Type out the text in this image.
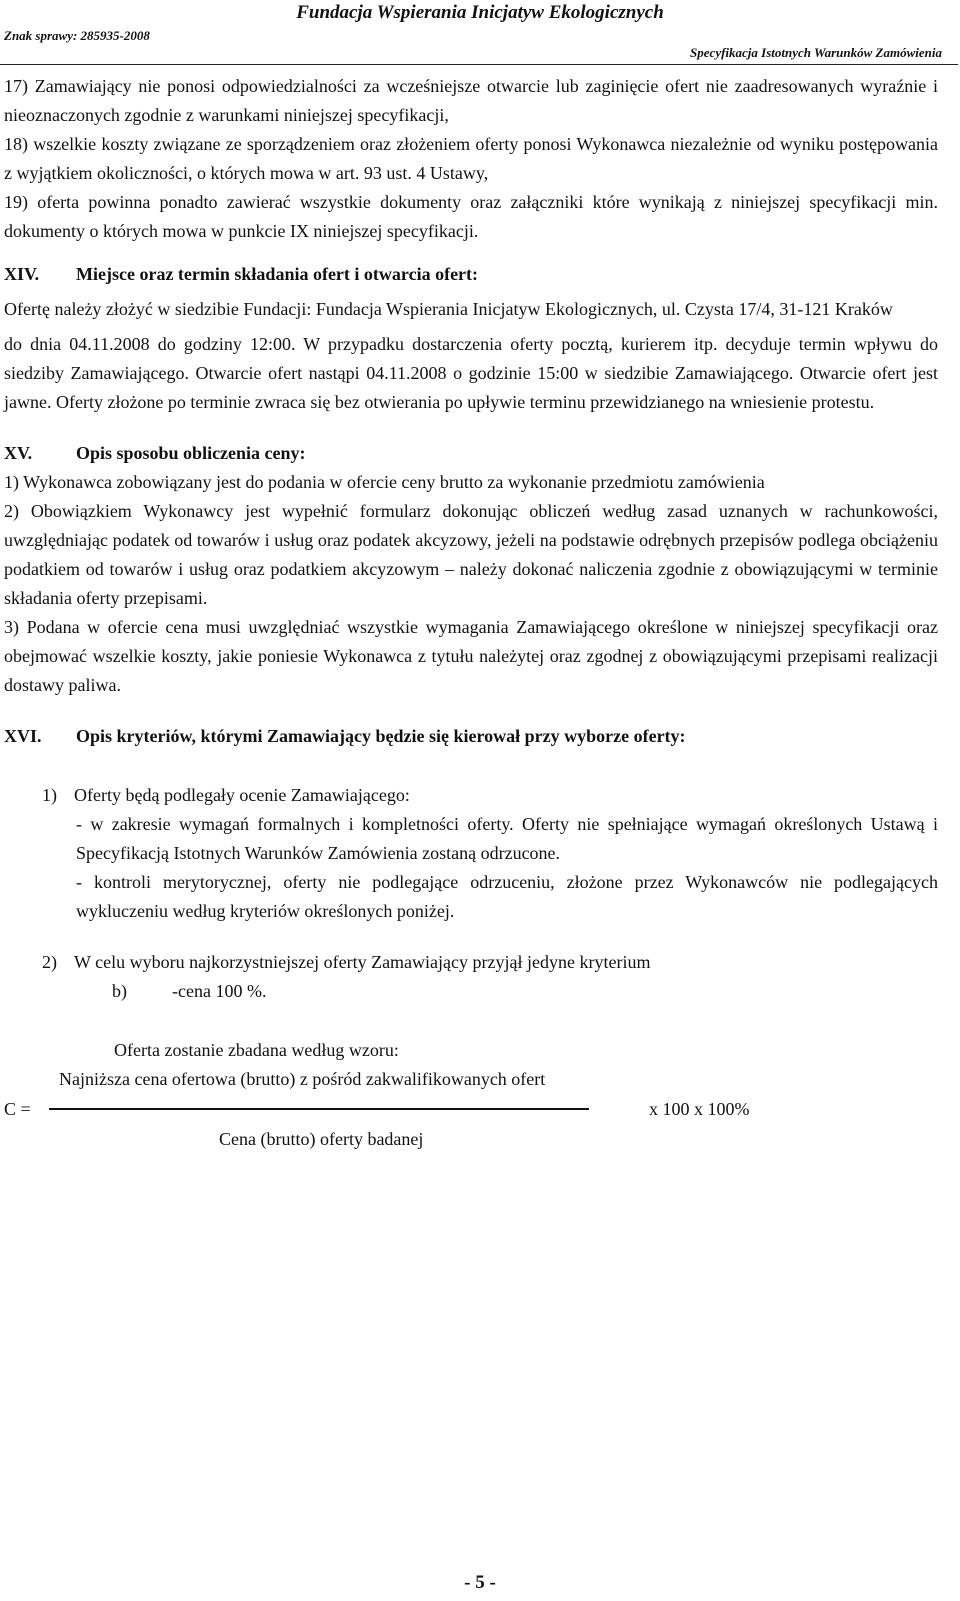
Fundacja Wspierania Inicjatyw Ekologicznych
Znak sprawy: 285935-2008
Specyfikacja Istotnych Warunków Zamówienia

17) Zamawiający nie ponosi odpowiedzialności za wcześniejsze otwarcie lub zaginięcie ofert nie zaadresowanych wyraźnie i nieoznaczonych zgodnie z warunkami niniejszej specyfikacji,

18) wszelkie koszty związane ze sporządzeniem oraz złożeniem oferty ponosi Wykonawca niezależnie od wyniku postępowania z wyjątkiem okoliczności, o których mowa w art. 93 ust. 4 Ustawy,

19) oferta powinna ponadto zawierać wszystkie dokumenty oraz załączniki które wynikają z niniejszej specyfikacji min. dokumenty o których mowa w punkcie IX niniejszej specyfikacji.

XIV.	Miejsce oraz termin składania ofert i otwarcia ofert:

Ofertę należy złożyć w siedzibie Fundacji: Fundacja Wspierania Inicjatyw Ekologicznych, ul. Czysta 17/4, 31-121 Kraków

do dnia 04.11.2008 do godziny 12:00. W przypadku dostarczenia oferty pocztą, kurierem itp. decyduje termin wpływu do siedziby Zamawiającego. Otwarcie ofert nastąpi 04.11.2008 o godzinie 15:00 w siedzibie Zamawiającego. Otwarcie ofert jest jawne. Oferty złożone po terminie zwraca się bez otwierania po upływie terminu przewidzianego na wniesienie protestu.

XV.	Opis sposobu obliczenia ceny:

1) Wykonawca zobowiązany jest do podania w ofercie ceny brutto za wykonanie przedmiotu zamówienia

2) Obowiązkiem Wykonawcy jest wypełnić formularz dokonując obliczeń według zasad uznanych w rachunkowości, uwzględniając podatek od towarów i usług oraz podatek akcyzowy, jeżeli na podstawie odrębnych przepisów podlega obciążeniu podatkiem od towarów i usług oraz podatkiem akcyzowym – należy dokonać naliczenia zgodnie z obowiązującymi w terminie składania oferty przepisami.

3) Podana w ofercie cena musi uwzględniać wszystkie wymagania Zamawiającego określone w niniejszej specyfikacji oraz obejmować wszelkie koszty, jakie poniesie Wykonawca z tytułu należytej oraz zgodnej z obowiązującymi przepisami realizacji dostawy paliwa.

XVI.	Opis kryteriów, którymi Zamawiający będzie się kierował przy wyborze oferty:
1) Oferty będą podlegały ocenie Zamawiającego:

- w zakresie wymagań formalnych i kompletności oferty. Oferty nie spełniające wymagań określonych Ustawą i Specyfikacją Istotnych Warunków Zamówienia zostaną odrzucone.

- kontroli merytorycznej, oferty nie podlegające odrzuceniu, złożone przez Wykonawców nie podlegających wykluczeniu według kryteriów określonych poniżej.

2) W celu wyboru najkorzystniejszej oferty Zamawiający przyjął jedyne kryterium
b)	-cena 100 %.

Oferta zostanie zbadana według wzoru:

Najniższa cena ofertowa (brutto) z pośród zakwalifikowanych ofert
C =	x 100 x 100%
Cena (brutto) oferty badanej
- 5 -
